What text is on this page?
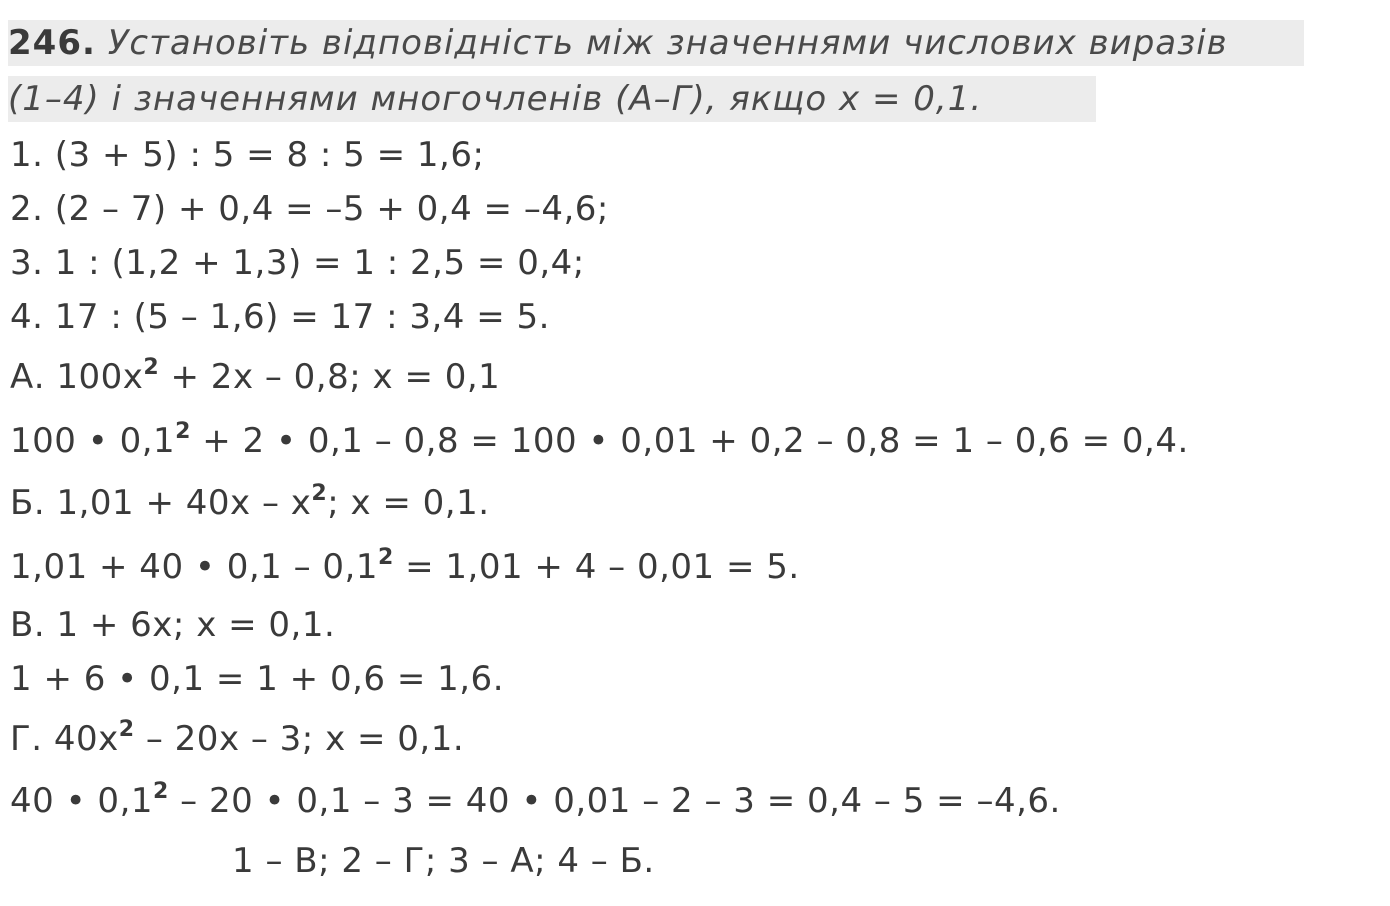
246. Установіть відповідність між значеннями числових виразів
(1–4) і значеннями многочленів (А–Г), якщо x = 0,1.
1. (3 + 5) : 5 = 8 : 5 = 1,6;
2. (2 – 7) + 0,4 = –5 + 0,4 = –4,6;
3. 1 : (1,2 + 1,3) = 1 : 2,5 = 0,4;
4. 17 : (5 – 1,6) = 17 : 3,4 = 5.
А. $100x^2 + 2x - 0,8$; x = 0,1
100 • $0,1^2 + 2$ • 0,1 – 0,8 = 100 • 0,01 + 0,2 – 0,8 = 1 – 0,6 = 0,4.
Б. $1,01 + 40x - x^2$; x = 0,1.
1,01 + 40 • $0,1 - 0,1^2 = 1,01 + 4 - 0,01 = 5$.
В. 1 + 6x; x = 0,1.
1 + 6 • 0,1 = 1 + 0,6 = 1,6.
Г. $40x^2 - 20x - 3$; x = 0,1.
40 • $0,1^2 - 20$ • 0,1 – 3 = 40 • 0,01 – 2 – 3 = 0,4 – 5 = –4,6.
1 – В; 2 – Г; 3 – А; 4 – Б.
